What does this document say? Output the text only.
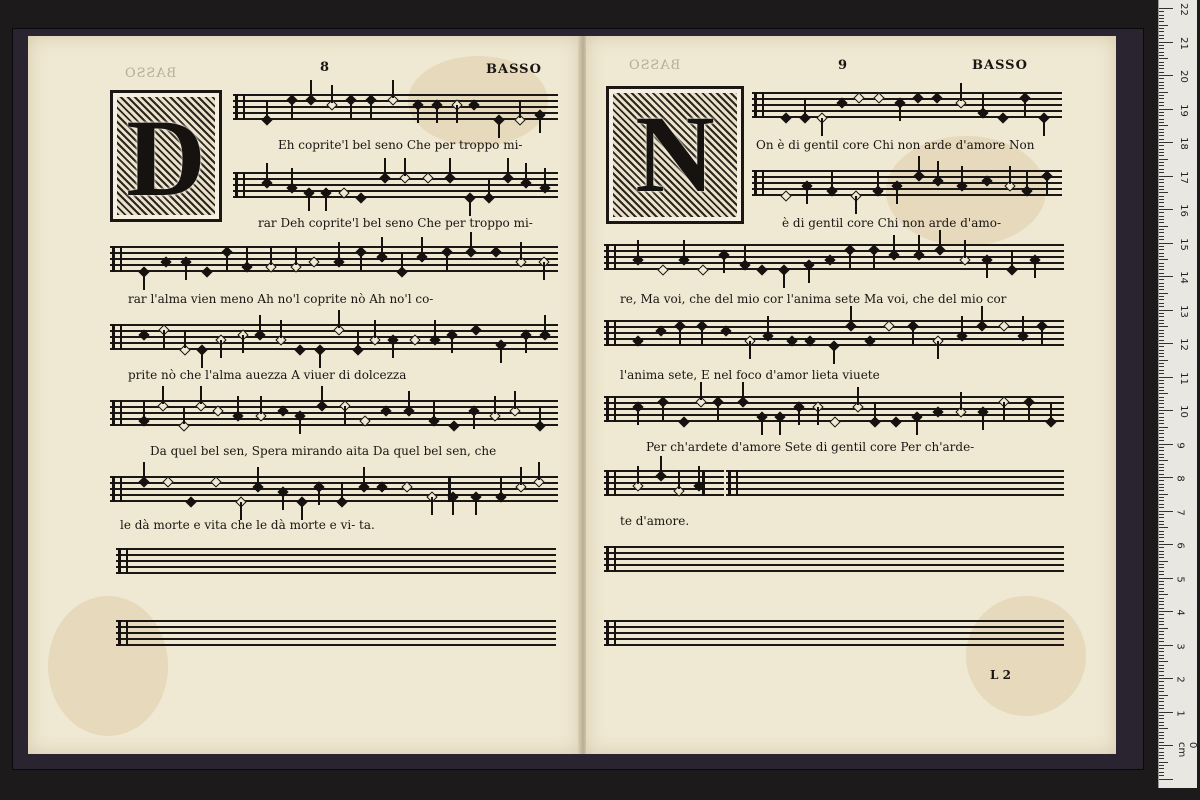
BASSO	BASSO
8
D	Eh coprite'l bel seno Che per troppo mi-
rar Deh coprite'l bel seno Che per troppo mi-
rar l'alma vien meno Ah no'l coprite nò Ah no'l co-
prite nò che l'alma auezza A viuer di dolcezza
Da quel bel sen, Spera mirando aita Da quel bel sen, che
le dà morte e vita che le dà morte e vi- ta.
BASSO	BASSO
9
N	On è di gentil core Chi non arde d'amore Non
è di gentil core Chi non arde d'amo-
re, Ma voi, che del mio cor l'anima sete Ma voi, che del mio cor
l'anima sete, E nel foco d'amor lieta viuete
Per ch'ardete d'amore Sete di gentil core Per ch'arde-
te d'amore.
L 2
22
21
20
19
18
17
16
15
14
13
12
11
10
9
8
7
6
5
4
3
2
1
0 cm
